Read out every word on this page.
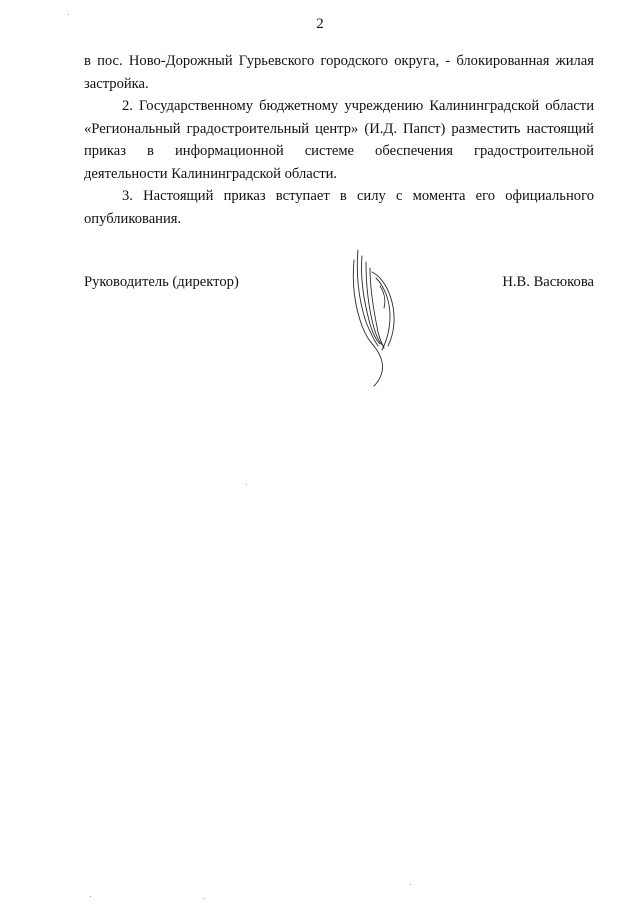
2

в пос. Ново-Дорожный Гурьевского городского округа, - блокированная жилая застройка.

2. Государственному бюджетному учреждению Калининградской области «Региональный градостроительный центр» (И.Д. Папст) разместить настоящий приказ в информационной системе обеспечения градостроительной деятельности Калининградской области.

3. Настоящий приказ вступает в силу с момента его официального опубликования.

Руководитель (директор)	Н.В. Васюкова
